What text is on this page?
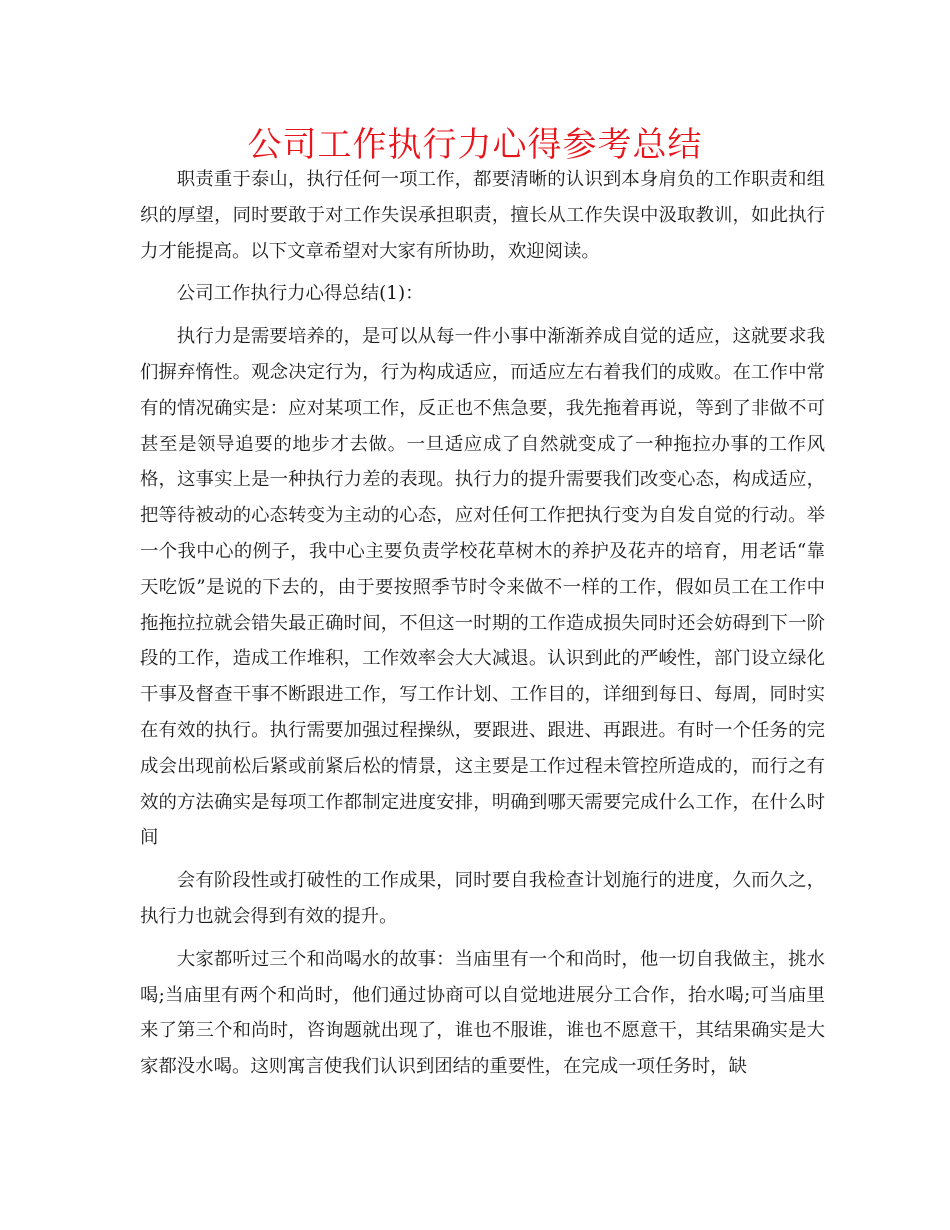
公司工作执行力心得参考总结

职责重于泰山，执行任何一项工作，都要清晰的认识到本身肩负的工作职责和组织的厚望，同时要敢于对工作失误承担职责，擅长从工作失误中汲取教训，如此执行力才能提高。以下文章希望对大家有所协助，欢迎阅读。

公司工作执行力心得总结(1)：

执行力是需要培养的，是可以从每一件小事中渐渐养成自觉的适应，这就要求我们摒弃惰性。观念决定行为，行为构成适应，而适应左右着我们的成败。在工作中常有的情况确实是：应对某项工作，反正也不焦急要，我先拖着再说，等到了非做不可甚至是领导追要的地步才去做。一旦适应成了自然就变成了一种拖拉办事的工作风格，这事实上是一种执行力差的表现。执行力的提升需要我们改变心态，构成适应，把等待被动的心态转变为主动的心态，应对任何工作把执行变为自发自觉的行动。举一个我中心的例子，我中心主要负责学校花草树木的养护及花卉的培育，用老话“靠天吃饭”是说的下去的，由于要按照季节时令来做不一样的工作，假如员工在工作中拖拖拉拉就会错失最正确时间，不但这一时期的工作造成损失同时还会妨碍到下一阶段的工作，造成工作堆积，工作效率会大大减退。认识到此的严峻性，部门设立绿化干事及督查干事不断跟进工作，写工作计划、工作目的，详细到每日、每周，同时实在有效的执行。执行需要加强过程操纵，要跟进、跟进、再跟进。有时一个任务的完成会出现前松后紧或前紧后松的情景，这主要是工作过程未管控所造成的，而行之有效的方法确实是每项工作都制定进度安排，明确到哪天需要完成什么工作，在什么时间

会有阶段性或打破性的工作成果，同时要自我检查计划施行的进度，久而久之，执行力也就会得到有效的提升。

大家都听过三个和尚喝水的故事：当庙里有一个和尚时，他一切自我做主，挑水喝;当庙里有两个和尚时，他们通过协商可以自觉地进展分工合作，抬水喝;可当庙里来了第三个和尚时，咨询题就出现了，谁也不服谁，谁也不愿意干，其结果确实是大家都没水喝。这则寓言使我们认识到团结的重要性，在完成一项任务时，缺
